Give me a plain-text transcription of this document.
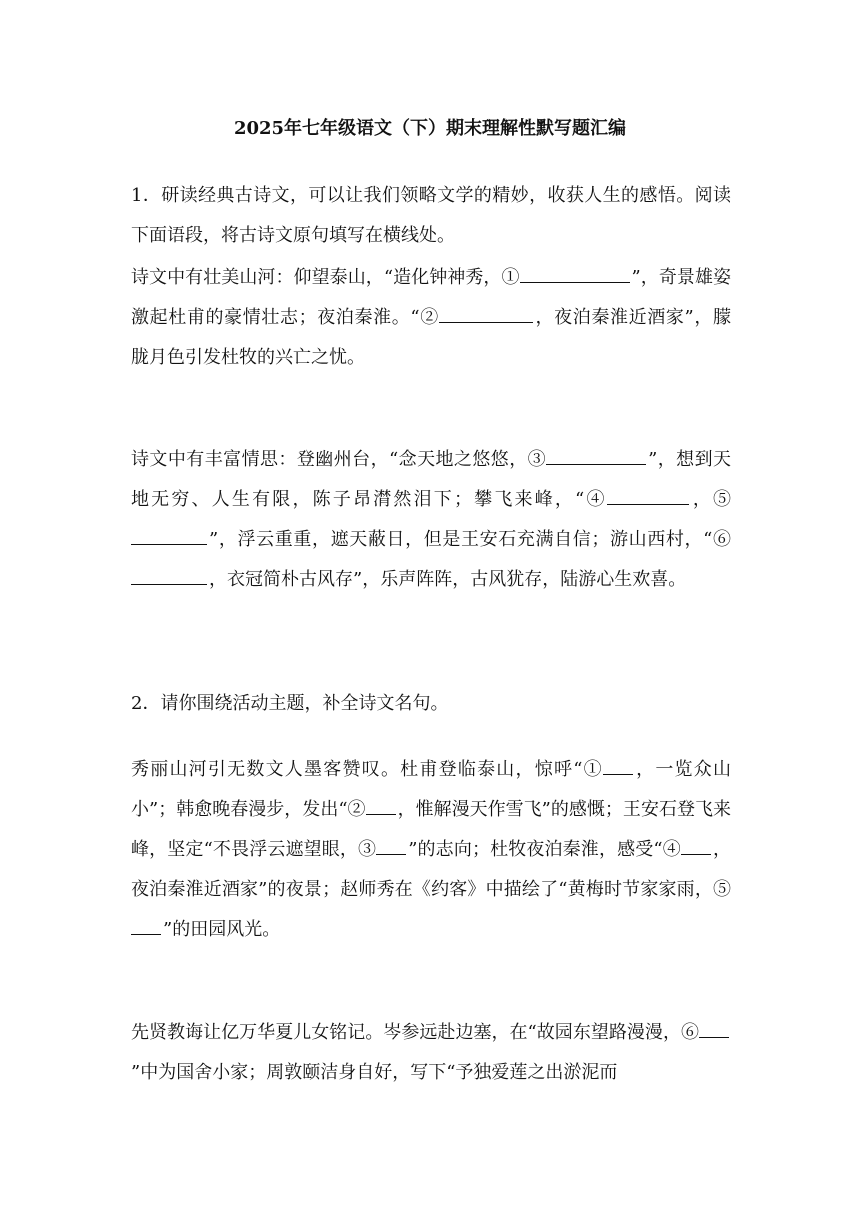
2025年七年级语文（下）期末理解性默写题汇编

1．研读经典古诗文，可以让我们领略文学的精妙，收获人生的感悟。阅读下面语段，将古诗文原句填写在横线处。

诗文中有壮美山河：仰望泰山，“造化钟神秀，①	”，奇景雄姿激起杜甫的豪情壮志；夜泊秦淮。“②	，夜泊秦淮近酒家”，朦胧月色引发杜牧的兴亡之忧。

诗文中有丰富情思：登幽州台，“念天地之悠悠，③	”，想到天地无穷、人生有限，陈子昂潸然泪下；攀飞来峰，“④	，⑤”，浮云重重，遮天蔽日，但是王安石充满自信；游山西村，“⑥，衣冠简朴古风存”，乐声阵阵，古风犹存，陆游心生欢喜。

2．请你围绕活动主题，补全诗文名句。

秀丽山河引无数文人墨客赞叹。杜甫登临泰山，惊呼“① ，一览众山小”；韩愈晚春漫步，发出“② ，惟解漫天作雪飞”的感慨；王安石登飞来峰，坚定“不畏浮云遮望眼，③ ”的志向；杜牧夜泊秦淮，感受“④ ，夜泊秦淮近酒家”的夜景；赵师秀在《约客》中描绘了“黄梅时节家家雨，⑤”的田园风光。

先贤教诲让亿万华夏儿女铭记。岑参远赴边塞，在“故园东望路漫漫，⑥”中为国舍小家；周敦颐洁身自好，写下“予独爱莲之出淤泥而
